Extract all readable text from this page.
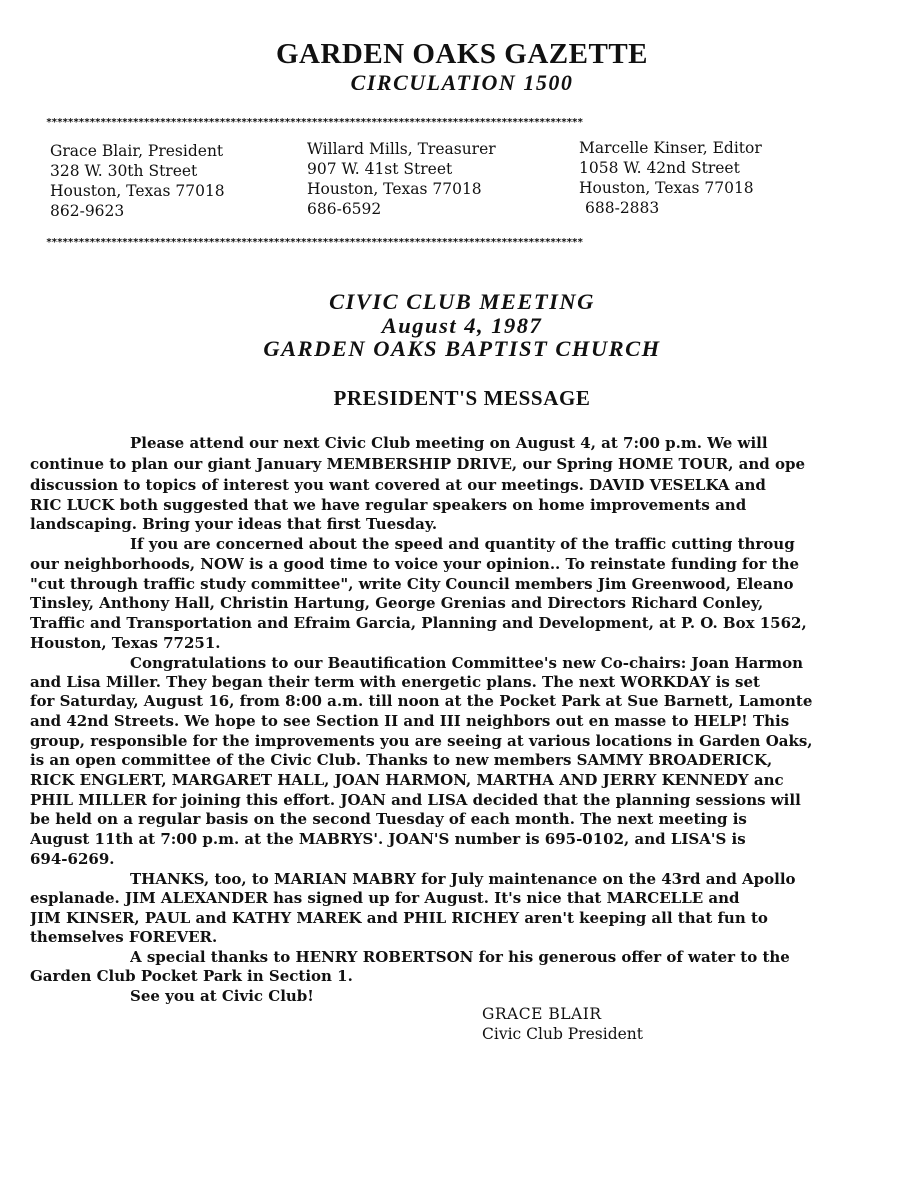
GARDEN OAKS GAZETTE
CIRCULATION 1500
***************************************************************************************************
Grace Blair, President
328 W. 30th Street
Houston, Texas 77018
862-9623
Willard Mills, Treasurer
907 W. 41st Street
Houston, Texas 77018
686-6592
Marcelle Kinser, Editor
1058 W. 42nd Street
Houston, Texas 77018
688-2883
***************************************************************************************************
CIVIC CLUB MEETING
August 4, 1987
GARDEN OAKS BAPTIST CHURCH
PRESIDENT'S MESSAGE
Please attend our next Civic Club meeting on August 4, at 7:00 p.m. We will
continue to plan our giant January MEMBERSHIP DRIVE, our Spring HOME TOUR, and ope
discussion to topics of interest you want covered at our meetings. DAVID VESELKA and
RIC LUCK both suggested that we have regular speakers on home improvements and
landscaping. Bring your ideas that first Tuesday.
If you are concerned about the speed and quantity of the traffic cutting throug
our neighborhoods, NOW is a good time to voice your opinion.. To reinstate funding for the
"cut through traffic study committee", write City Council members Jim Greenwood, Eleano
Tinsley, Anthony Hall, Christin Hartung, George Grenias and Directors Richard Conley,
Traffic and Transportation and Efraim Garcia, Planning and Development, at P. O. Box 1562,
Houston, Texas 77251.
Congratulations to our Beautification Committee's new Co-chairs: Joan Harmon
and Lisa Miller. They began their term with energetic plans. The next WORKDAY is set
for Saturday, August 16, from 8:00 a.m. till noon at the Pocket Park at Sue Barnett, Lamonte
and 42nd Streets. We hope to see Section II and III neighbors out en masse to HELP! This
group, responsible for the improvements you are seeing at various locations in Garden Oaks,
is an open committee of the Civic Club. Thanks to new members SAMMY BROADERICK,
RICK ENGLERT, MARGARET HALL, JOAN HARMON, MARTHA AND JERRY KENNEDY anc
PHIL MILLER for joining this effort. JOAN and LISA decided that the planning sessions will
be held on a regular basis on the second Tuesday of each month. The next meeting is
August 11th at 7:00 p.m. at the MABRYS'. JOAN'S number is 695-0102, and LISA'S is
694-6269.
THANKS, too, to MARIAN MABRY for July maintenance on the 43rd and Apollo
esplanade. JIM ALEXANDER has signed up for August. It's nice that MARCELLE and
JIM KINSER, PAUL and KATHY MAREK and PHIL RICHEY aren't keeping all that fun to
themselves FOREVER.
A special thanks to HENRY ROBERTSON for his generous offer of water to the
Garden Club Pocket Park in Section 1.
See you at Civic Club!
GRACE BLAIR
Civic Club President
